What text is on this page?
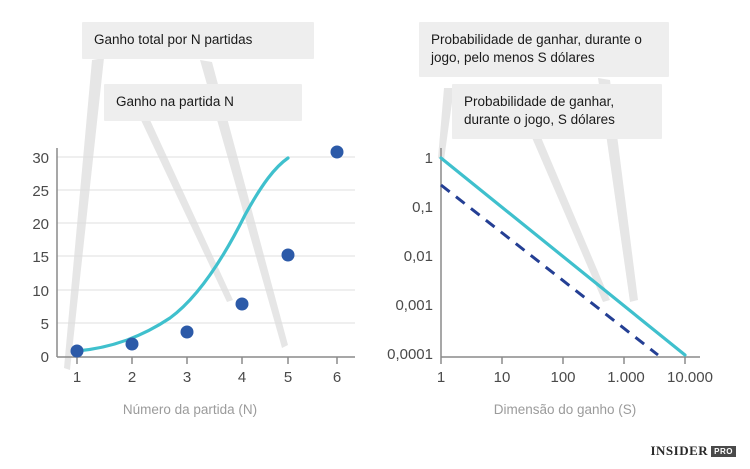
30
25
20
15
10
5
0
1	2	3	4	5	6
Ganho total por N partidas
Ganho na partida N
Número da partida (N)
1
0,1
0,01
0,001
0,0001
1	10	100 1.000 10.000
Probabilidade de ganhar, durante o jogo, pelo menos S dólares
Probabilidade de ganhar, durante o jogo, S dólares
Dimensão do ganho (S)
INSIDER PRO
